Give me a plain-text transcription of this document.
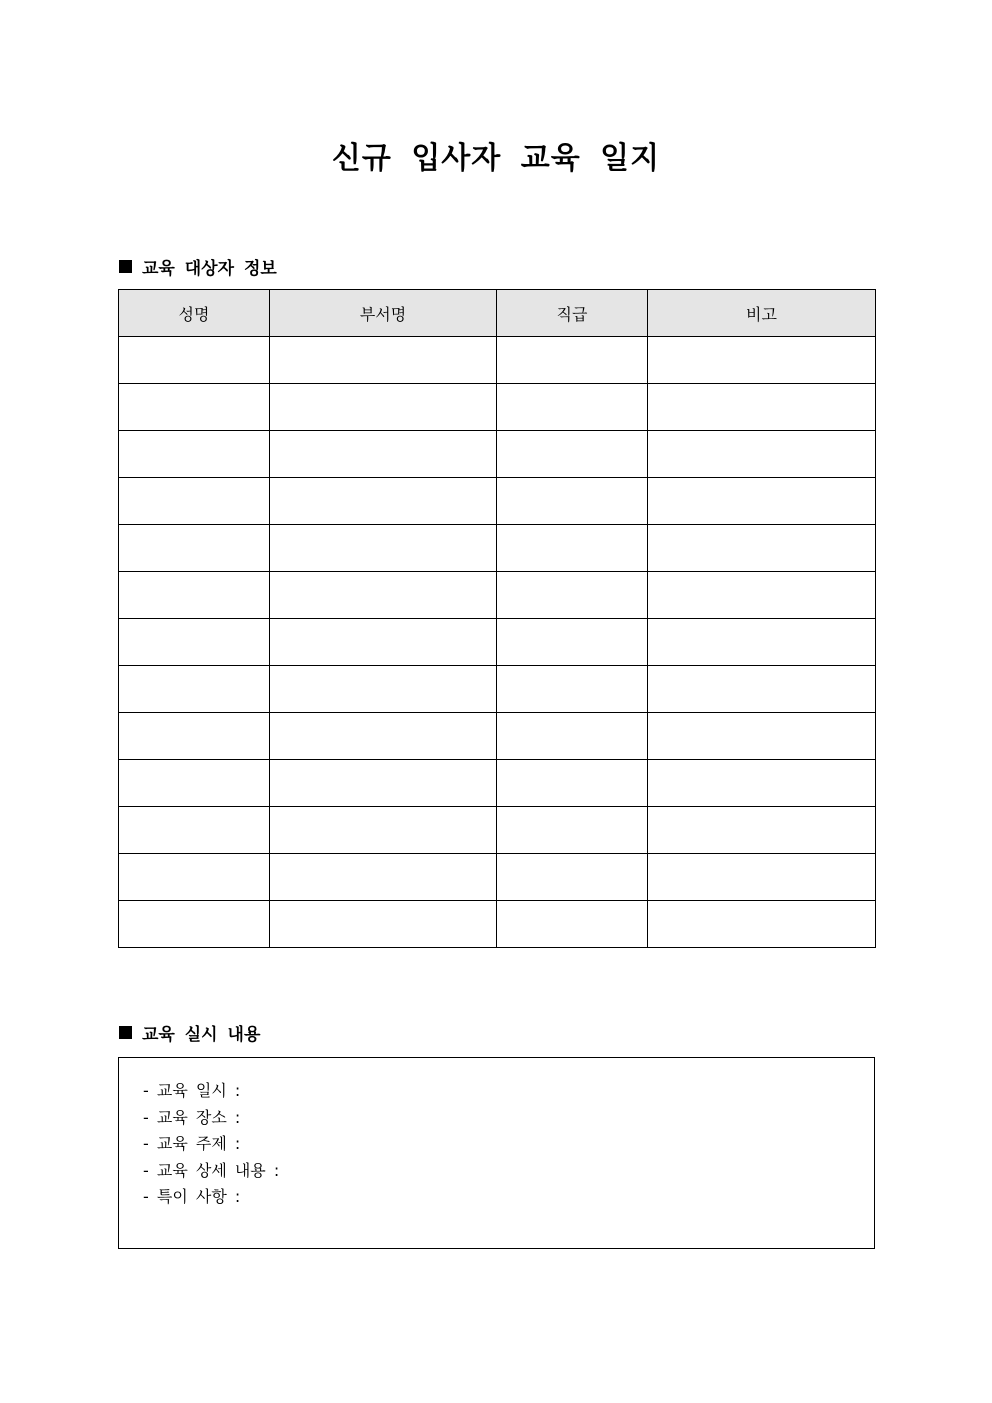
신규 입사자 교육 일지
교육 대상자 정보
성명	부서명	직급	비고

교육 실시 내용
- 교육 일시 :
- 교육 장소 :
- 교육 주제 :
- 교육 상세 내용 :
- 특이 사항 :
